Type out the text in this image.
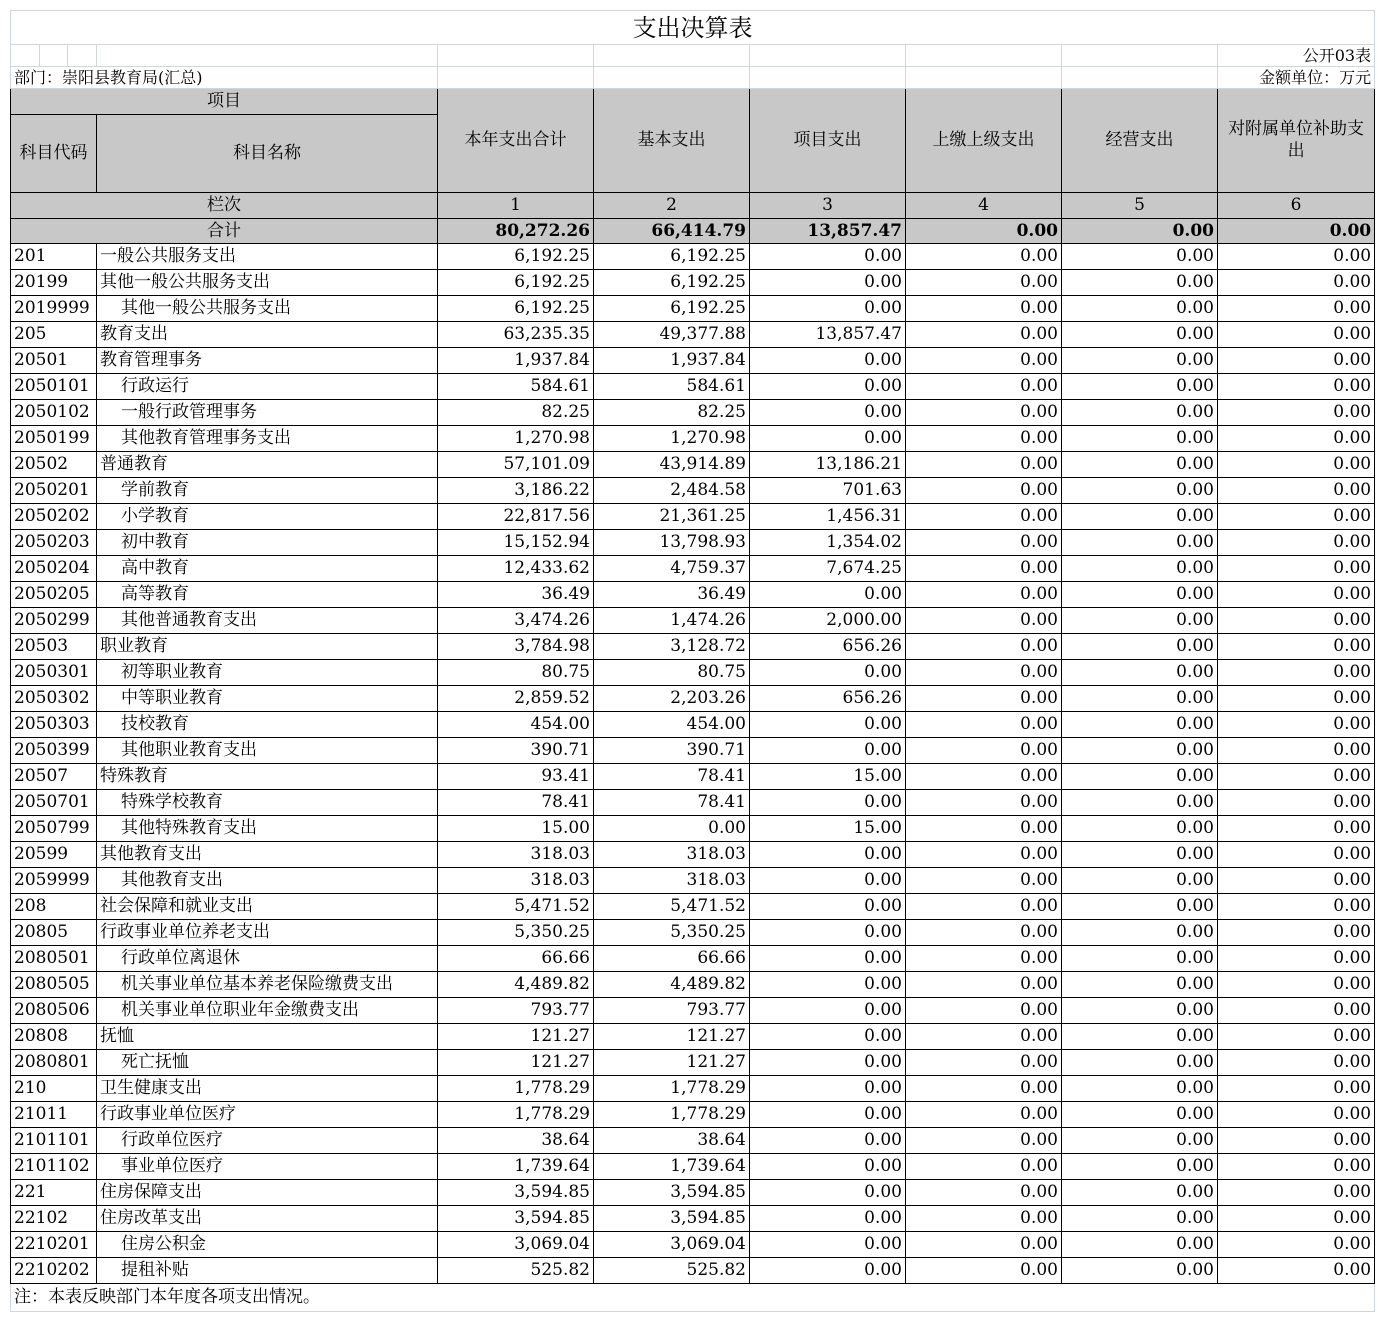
支出决算表									
									公开03表
部门：崇阳县教育局(汇总)									金额单位：万元
项目				本年支出合计	基本支出	项目支出	上缴上级支出	经营支出	对附属单位补助支出
科目代码			科目名称						
栏次				1	2	3	4	5	6
合计				80,272.26	66,414.79	13,857.47	0.00	0.00	0.00
201			一般公共服务支出	6,192.25	6,192.25	0.00	0.00	0.00	0.00
20199			其他一般公共服务支出	6,192.25	6,192.25	0.00	0.00	0.00	0.00
2019999			其他一般公共服务支出	6,192.25	6,192.25	0.00	0.00	0.00	0.00
205			教育支出	63,235.35	49,377.88	13,857.47	0.00	0.00	0.00
20501			教育管理事务	1,937.84	1,937.84	0.00	0.00	0.00	0.00
2050101			行政运行	584.61	584.61	0.00	0.00	0.00	0.00
2050102			一般行政管理事务	82.25	82.25	0.00	0.00	0.00	0.00
2050199			其他教育管理事务支出	1,270.98	1,270.98	0.00	0.00	0.00	0.00
20502			普通教育	57,101.09	43,914.89	13,186.21	0.00	0.00	0.00
2050201			学前教育	3,186.22	2,484.58	701.63	0.00	0.00	0.00
2050202			小学教育	22,817.56	21,361.25	1,456.31	0.00	0.00	0.00
2050203			初中教育	15,152.94	13,798.93	1,354.02	0.00	0.00	0.00
2050204			高中教育	12,433.62	4,759.37	7,674.25	0.00	0.00	0.00
2050205			高等教育	36.49	36.49	0.00	0.00	0.00	0.00
2050299			其他普通教育支出	3,474.26	1,474.26	2,000.00	0.00	0.00	0.00
20503			职业教育	3,784.98	3,128.72	656.26	0.00	0.00	0.00
2050301			初等职业教育	80.75	80.75	0.00	0.00	0.00	0.00
2050302			中等职业教育	2,859.52	2,203.26	656.26	0.00	0.00	0.00
2050303			技校教育	454.00	454.00	0.00	0.00	0.00	0.00
2050399			其他职业教育支出	390.71	390.71	0.00	0.00	0.00	0.00
20507			特殊教育	93.41	78.41	15.00	0.00	0.00	0.00
2050701			特殊学校教育	78.41	78.41	0.00	0.00	0.00	0.00
2050799			其他特殊教育支出	15.00	0.00	15.00	0.00	0.00	0.00
20599			其他教育支出	318.03	318.03	0.00	0.00	0.00	0.00
2059999			其他教育支出	318.03	318.03	0.00	0.00	0.00	0.00
208			社会保障和就业支出	5,471.52	5,471.52	0.00	0.00	0.00	0.00
20805			行政事业单位养老支出	5,350.25	5,350.25	0.00	0.00	0.00	0.00
2080501			行政单位离退休	66.66	66.66	0.00	0.00	0.00	0.00
2080505			机关事业单位基本养老保险缴费支出	4,489.82	4,489.82	0.00	0.00	0.00	0.00
2080506			机关事业单位职业年金缴费支出	793.77	793.77	0.00	0.00	0.00	0.00
20808			抚恤	121.27	121.27	0.00	0.00	0.00	0.00
2080801			死亡抚恤	121.27	121.27	0.00	0.00	0.00	0.00
210			卫生健康支出	1,778.29	1,778.29	0.00	0.00	0.00	0.00
21011			行政事业单位医疗	1,778.29	1,778.29	0.00	0.00	0.00	0.00
2101101			行政单位医疗	38.64	38.64	0.00	0.00	0.00	0.00
2101102			事业单位医疗	1,739.64	1,739.64	0.00	0.00	0.00	0.00
221			住房保障支出	3,594.85	3,594.85	0.00	0.00	0.00	0.00
22102			住房改革支出	3,594.85	3,594.85	0.00	0.00	0.00	0.00
2210201			住房公积金	3,069.04	3,069.04	0.00	0.00	0.00	0.00
2210202			提租补贴	525.82	525.82	0.00	0.00	0.00	0.00
注：本表反映部门本年度各项支出情况。									
